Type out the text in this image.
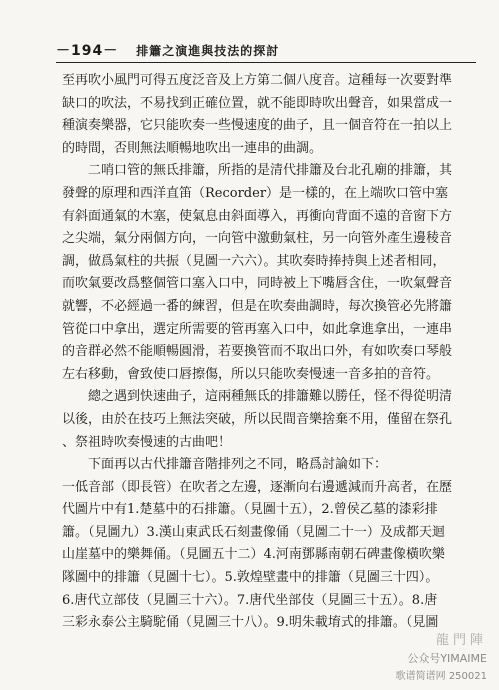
－194－ 排簫之演進與技法的探討

至再吹小風門可得五度泛音及上方第二個八度音。這種每一次要對準
缺口的吹法，不易找到正確位置，就不能即時吹出聲音，如果當成一
種演奏樂器，它只能吹奏一些慢速度的曲子，且一個音符在一拍以上
的時間，否則無法順暢地吹出一連串的曲調。

二哨口管的無氐排簫，所指的是清代排簫及台北孔廟的排簫，其
發聲的原理和西洋直笛（Recorder）是一樣的，在上端吹口管中塞
有斜面通氣的木塞，使氣息由斜面導入，再衝向背面不遠的音窗下方
之尖端，氣分兩個方向，一向管中激動氣柱，另一向管外產生邊稜音
調，做爲氣柱的共振（見圖一六六）。其吹奏時捧持與上述者相同，
而吹氣要改爲整個管口塞入口中，同時被上下嘴唇含住，一吹氣聲音
就響，不必經過一番的練習，但是在吹奏曲調時，每次換管必先將簫
管從口中拿出，選定所需要的管再塞入口中，如此拿進拿出，一連串
的音群必然不能順暢圓滑，若要換管而不取出口外，有如吹奏口琴般
左右移動，會致使口唇擦傷，所以只能吹奏慢速一音多拍的音符。

總之遇到快速曲子，這兩種無氐的排簫難以勝任，怪不得從明清
以後，由於在技巧上無法突破，所以民間音樂捨棄不用，僅留在祭孔
、祭祖時吹奏慢速的古曲吧！

下面再以古代排簫音階排列之不同，略爲討論如下：

一低音部（即長管）在吹者之左邊，逐漸向右邊遞減而升高者，在歷
代圖片中有1.楚墓中的石排簫。（見圖十五），2.曾侯乙墓的漆彩排
簫。（見圖九）3.漢山東武氐石刻畫像俑（見圖二十一）及成都天迴
山崖墓中的樂舞俑。（見圖五十二）4.河南鄧縣南朝石碑畫像橫吹樂
隊圖中的排簫（見圖十七）。5.敦煌壁畫中的排簫（見圖三十四）。
6.唐代立部伎（見圖三十六）。7.唐代坐部伎（見圖三十五）。8.唐
三彩永泰公主騎駝俑（見圖三十八）。9.明朱載堉式的排簫。（見圖

龍門陣
公众号YIMAIME
歌谱简谱网 250021
